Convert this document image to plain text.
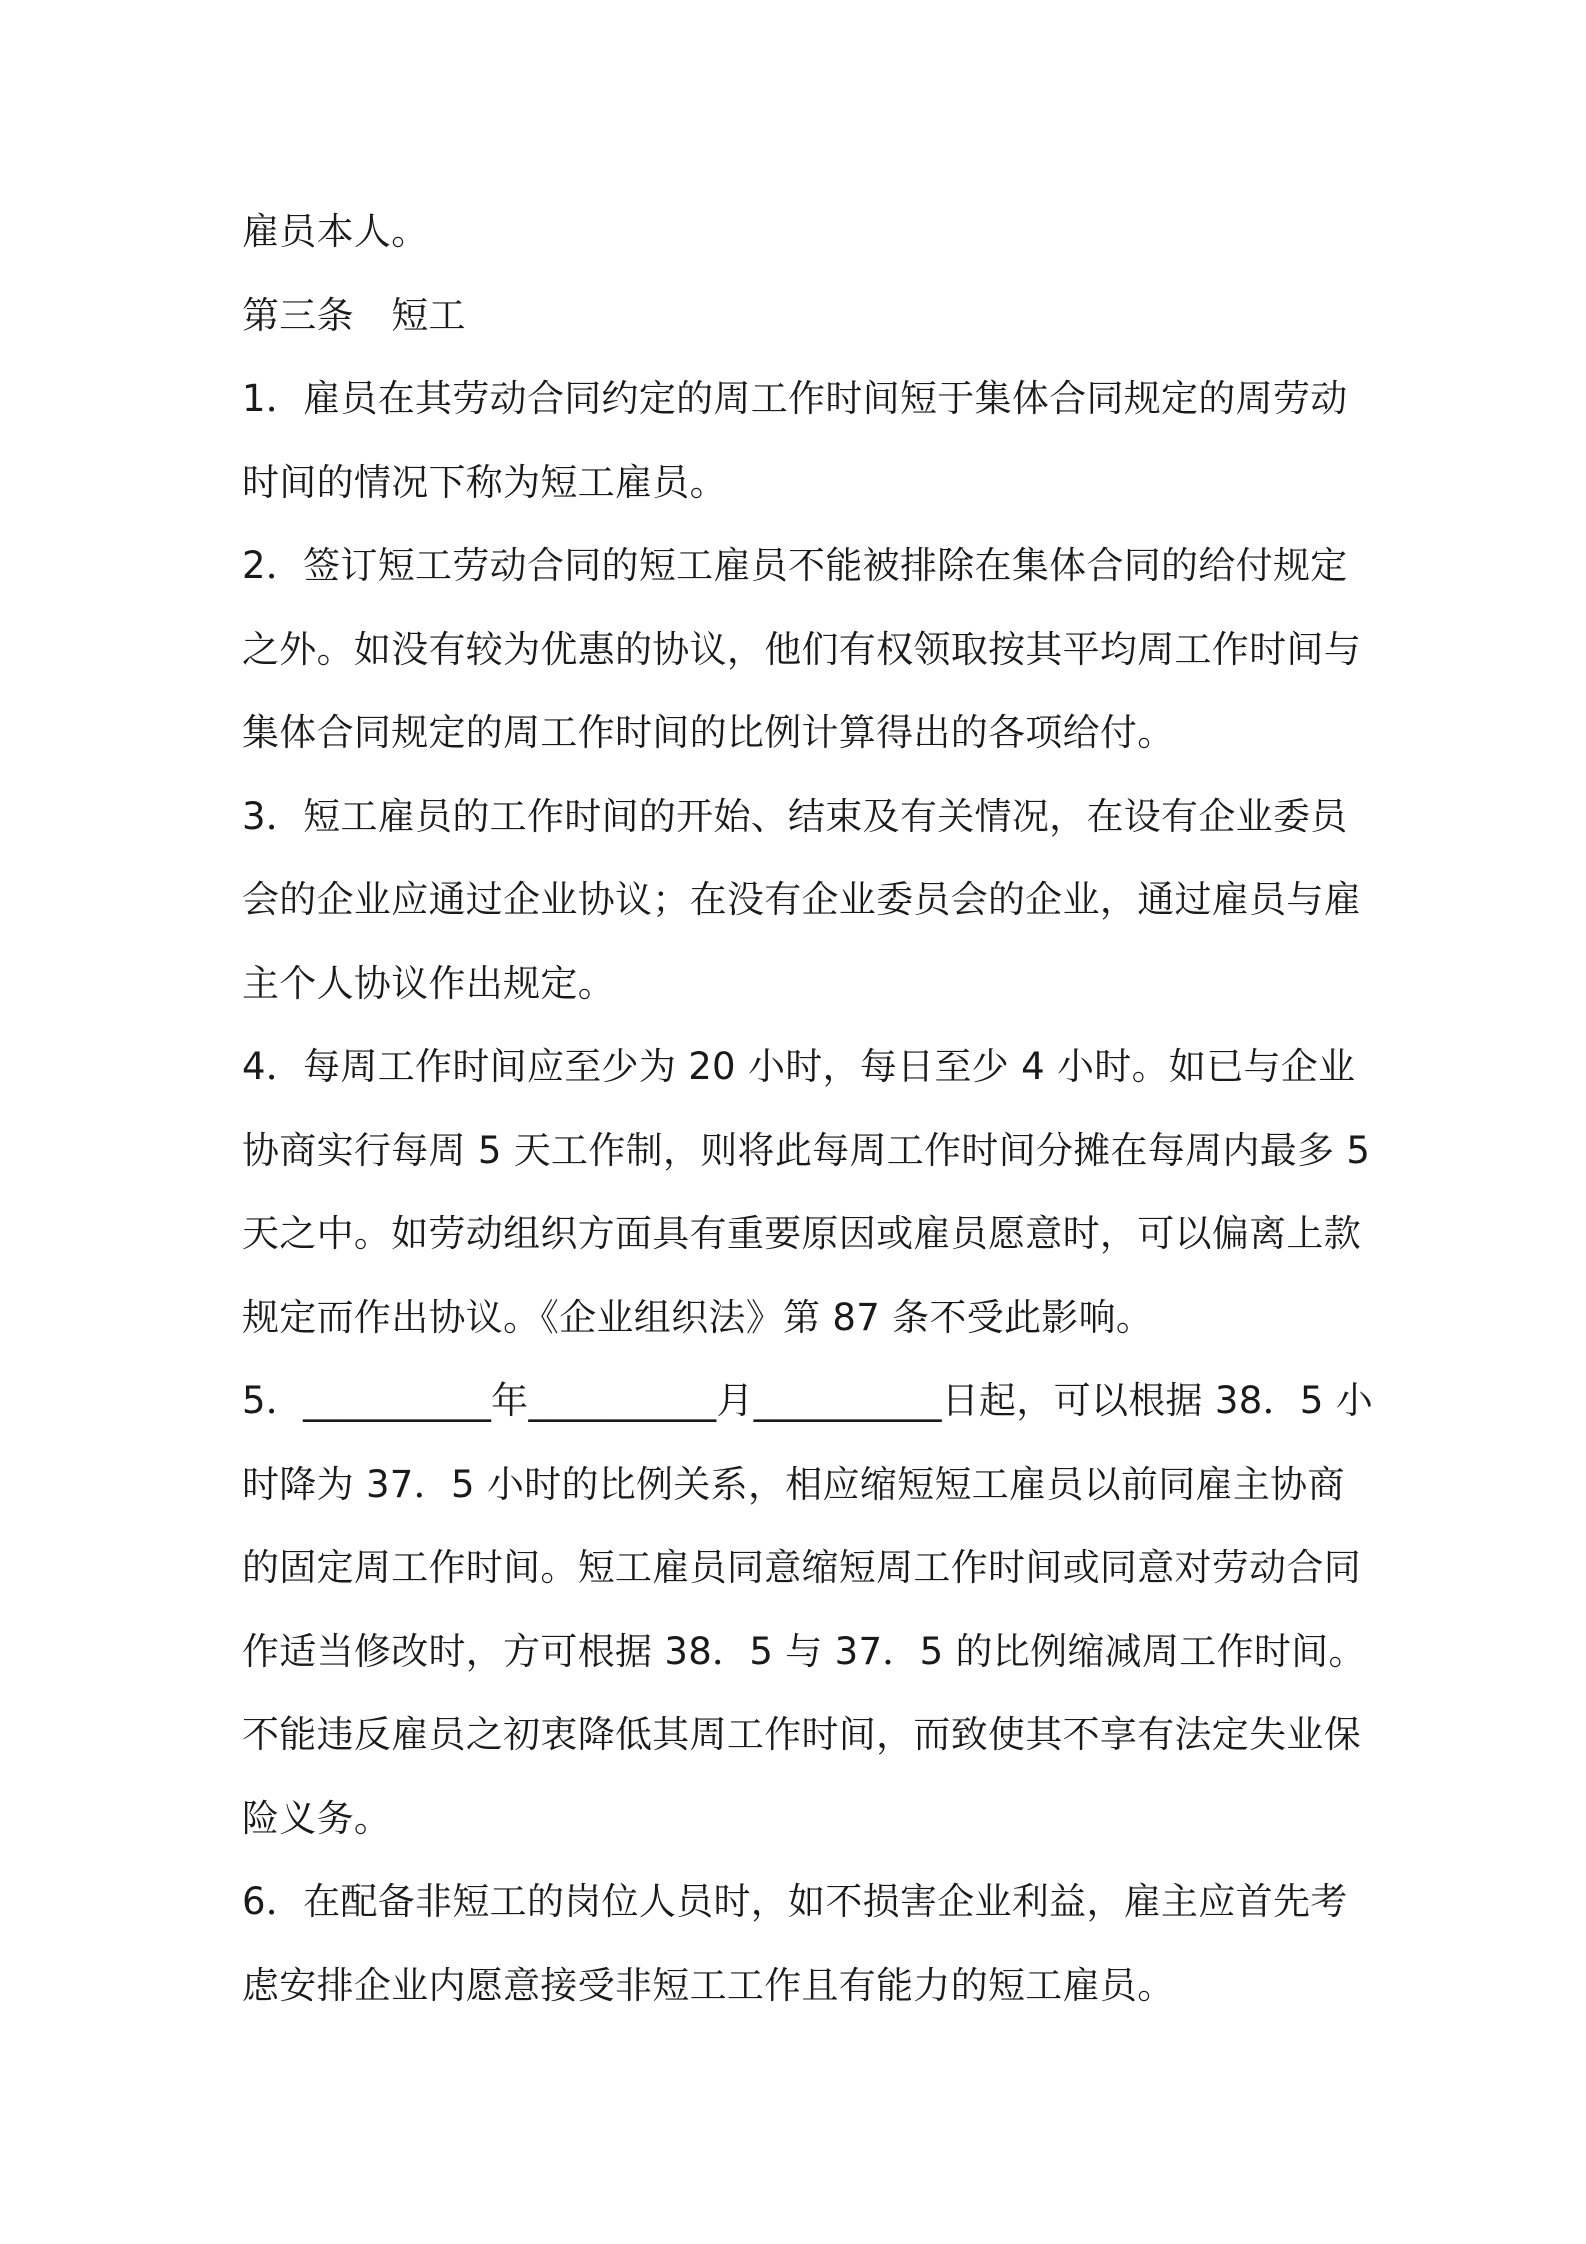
雇员本人。
第三条　短工
1．雇员在其劳动合同约定的周工作时间短于集体合同规定的周劳动
时间的情况下称为短工雇员。
2．签订短工劳动合同的短工雇员不能被排除在集体合同的给付规定
之外。如没有较为优惠的协议，他们有权领取按其平均周工作时间与
集体合同规定的周工作时间的比例计算得出的各项给付。
3．短工雇员的工作时间的开始、结束及有关情况，在设有企业委员
会的企业应通过企业协议；在没有企业委员会的企业，通过雇员与雇
主个人协议作出规定。
4．每周工作时间应至少为 20 小时，每日至少 4 小时。如已与企业
协商实行每周 5 天工作制，则将此每周工作时间分摊在每周内最多 5
天之中。如劳动组织方面具有重要原因或雇员愿意时，可以偏离上款
规定而作出协议。《企业组织法》第 87 条不受此影响。
5．__________年__________月__________日起，可以根据 38．5 小
时降为 37．5 小时的比例关系，相应缩短短工雇员以前同雇主协商
的固定周工作时间。短工雇员同意缩短周工作时间或同意对劳动合同
作适当修改时，方可根据 38．5 与 37．5 的比例缩减周工作时间。
不能违反雇员之初衷降低其周工作时间，而致使其不享有法定失业保
险义务。
6．在配备非短工的岗位人员时，如不损害企业利益，雇主应首先考
虑安排企业内愿意接受非短工工作且有能力的短工雇员。
